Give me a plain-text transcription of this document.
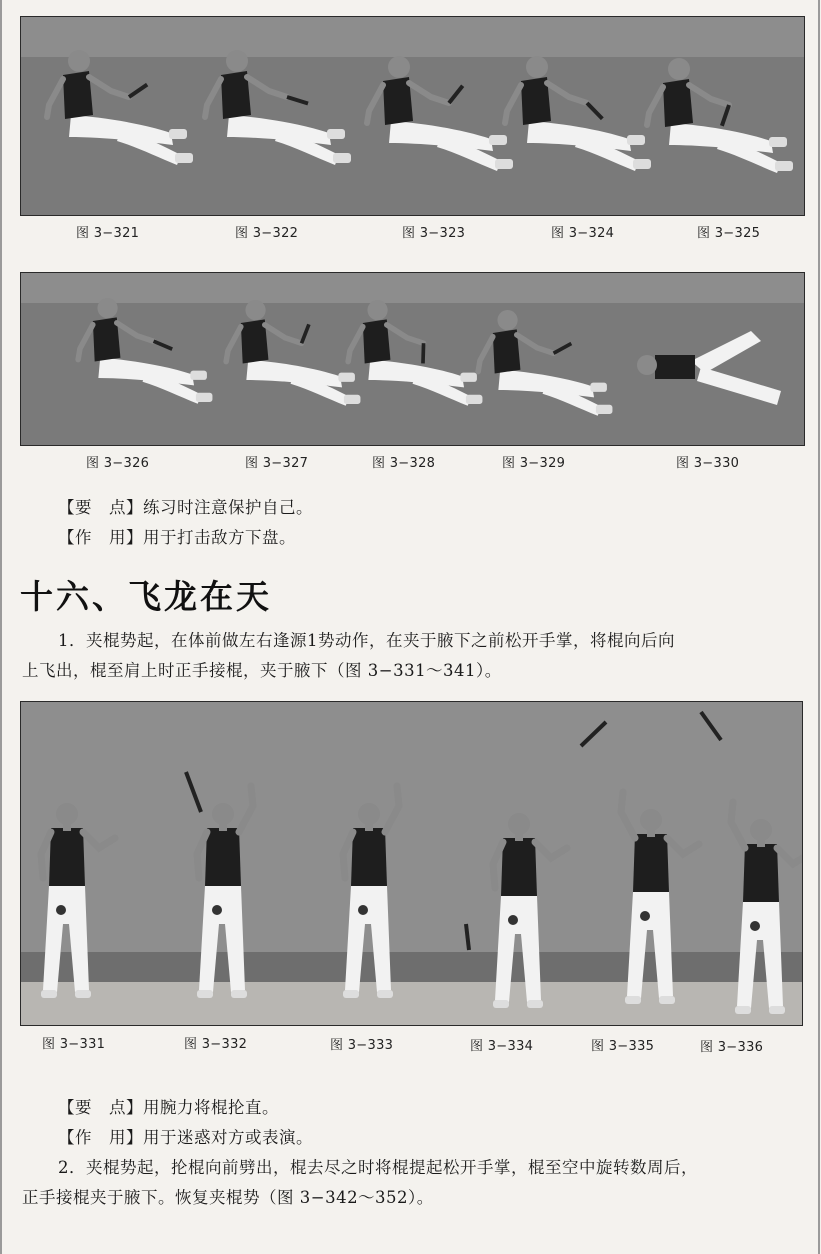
图 3−321	图 3−322	图 3−323	图 3−324	图 3−325
图 3−326	图 3−327	图 3−328	图 3−329	图 3−330
【要　点】练习时注意保护自己。
【作　用】用于打击敌方下盘。
十六、飞龙在天
1．夹棍势起，在体前做左右逢源1势动作，在夹于腋下之前松开手掌，将棍向后向
上飞出，棍至肩上时正手接棍，夹于腋下（图 3−331～341）。
图 3−331	图 3−332	图 3−333	图 3−334	图 3−335	图 3−336
【要　点】用腕力将棍抡直。
【作　用】用于迷惑对方或表演。
2．夹棍势起，抡棍向前劈出，棍去尽之时将棍提起松开手掌，棍至空中旋转数周后，
正手接棍夹于腋下。恢复夹棍势（图 3−342～352）。
